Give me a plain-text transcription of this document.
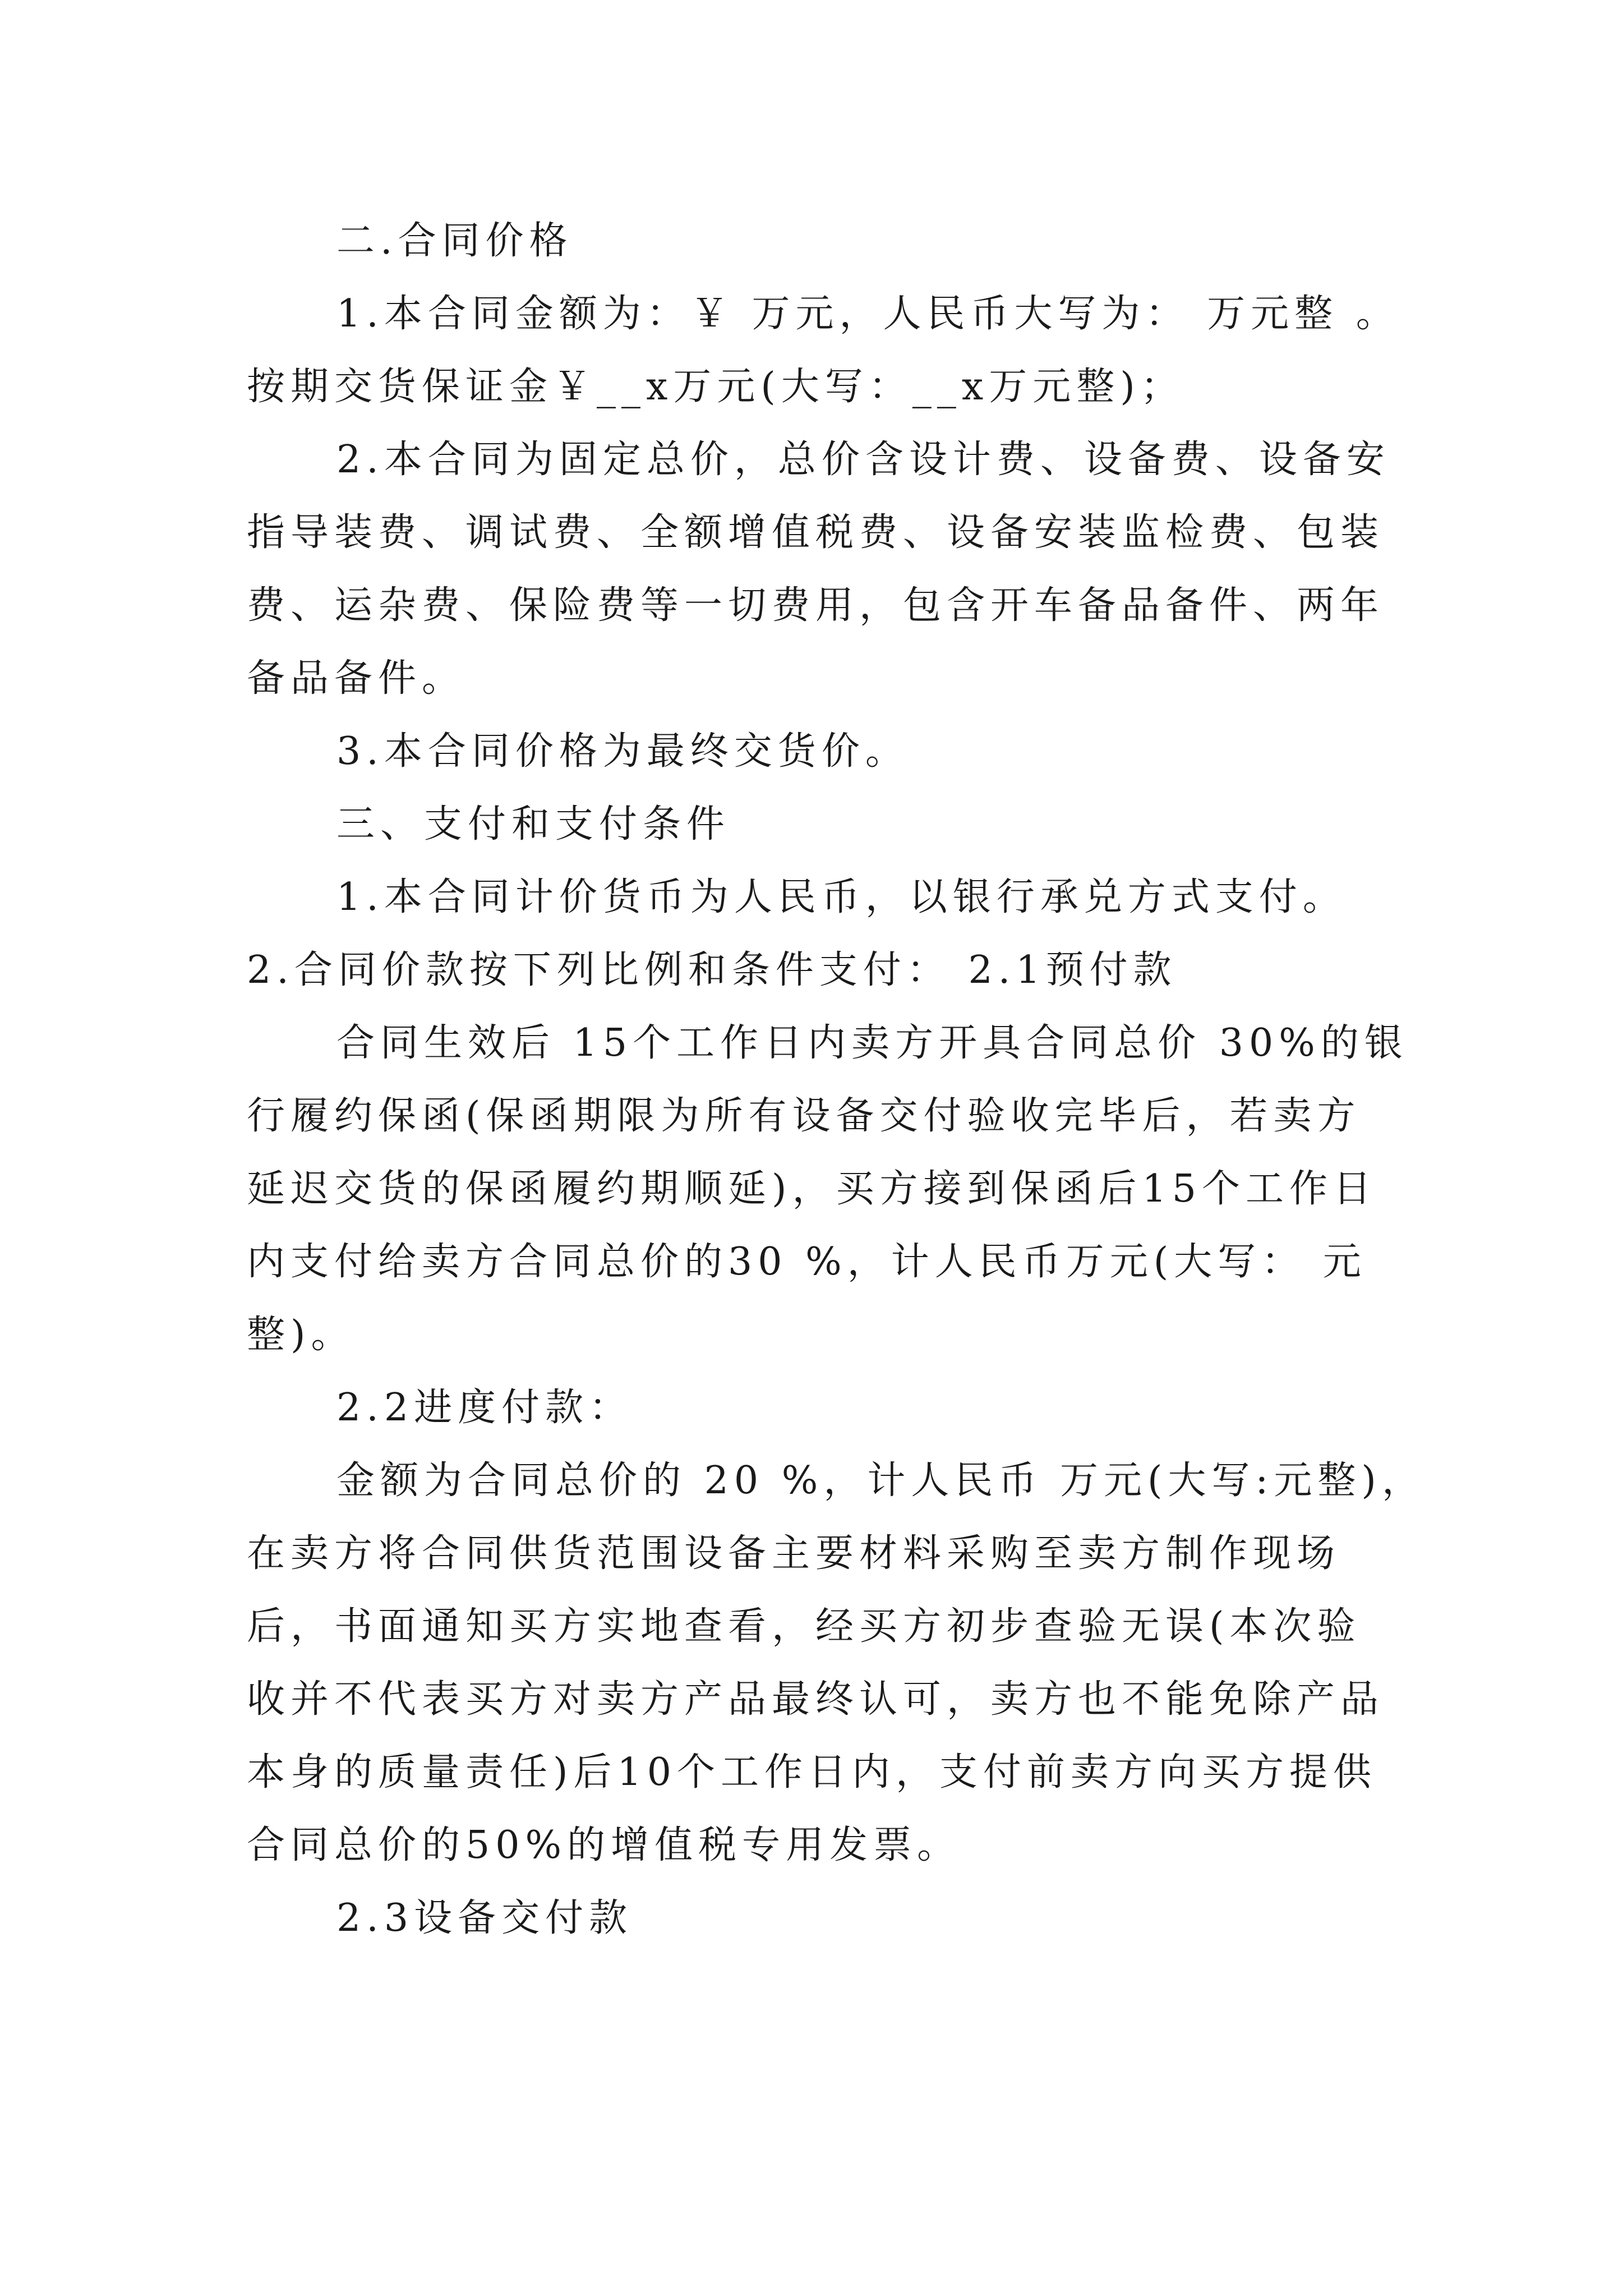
二.合同价格
1.本合同金额为：￥ 万元，人民币大写为： 万元整 。
按期交货保证金￥__x万元(大写：__x万元整)；
2.本合同为固定总价，总价含设计费、设备费、设备安
指导装费、调试费、全额增值税费、设备安装监检费、包装
费、运杂费、保险费等一切费用，包含开车备品备件、两年
备品备件。
3.本合同价格为最终交货价。
三、支付和支付条件
1.本合同计价货币为人民币，以银行承兑方式支付。
2.合同价款按下列比例和条件支付： 2.1预付款
合同生效后 15个工作日内卖方开具合同总价 30%的银
行履约保函(保函期限为所有设备交付验收完毕后，若卖方
延迟交货的保函履约期顺延)，买方接到保函后15个工作日
内支付给卖方合同总价的30 %，计人民币万元(大写： 元
整)。
2.2进度付款：
金额为合同总价的 20 %，计人民币 万元(大写:元整)，
在卖方将合同供货范围设备主要材料采购至卖方制作现场
后，书面通知买方实地查看，经买方初步查验无误(本次验
收并不代表买方对卖方产品最终认可，卖方也不能免除产品
本身的质量责任)后10个工作日内，支付前卖方向买方提供
合同总价的50%的增值税专用发票。
2.3设备交付款
